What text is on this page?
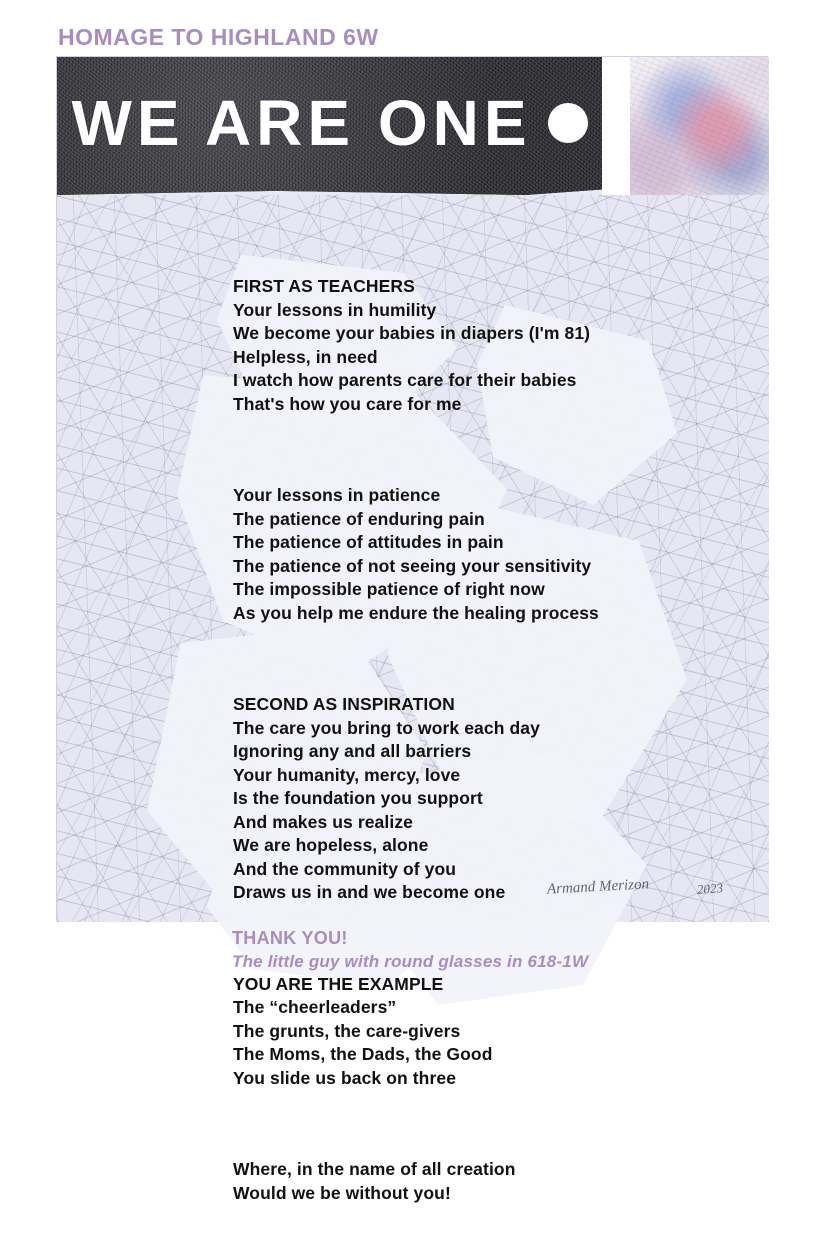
HOMAGE TO HIGHLAND 6W
WE ARE ONE

FIRST AS TEACHERS
Your lessons in humility
We become your babies in diapers (I'm 81)
Helpless, in need
I watch how parents care for their babies
That's how you care for me

Your lessons in patience
The patience of enduring pain
The patience of attitudes in pain
The patience of not seeing your sensitivity
The impossible patience of right now
As you help me endure the healing process

SECOND AS INSPIRATION
The care you bring to work each day
Ignoring any and all barriers
Your humanity, mercy, love
Is the foundation you support
And makes us realize
We are hopeless, alone
And the community of you
Draws us in and we become one

YOU ARE THE EXAMPLE
The “cheerleaders”
The grunts, the care-givers
The Moms, the Dads, the Good
You slide us back on three

Where, in the name of all creation
Would we be without you!

Armand Merizon	2023
THANK YOU!
The little guy with round glasses in 618-1W
